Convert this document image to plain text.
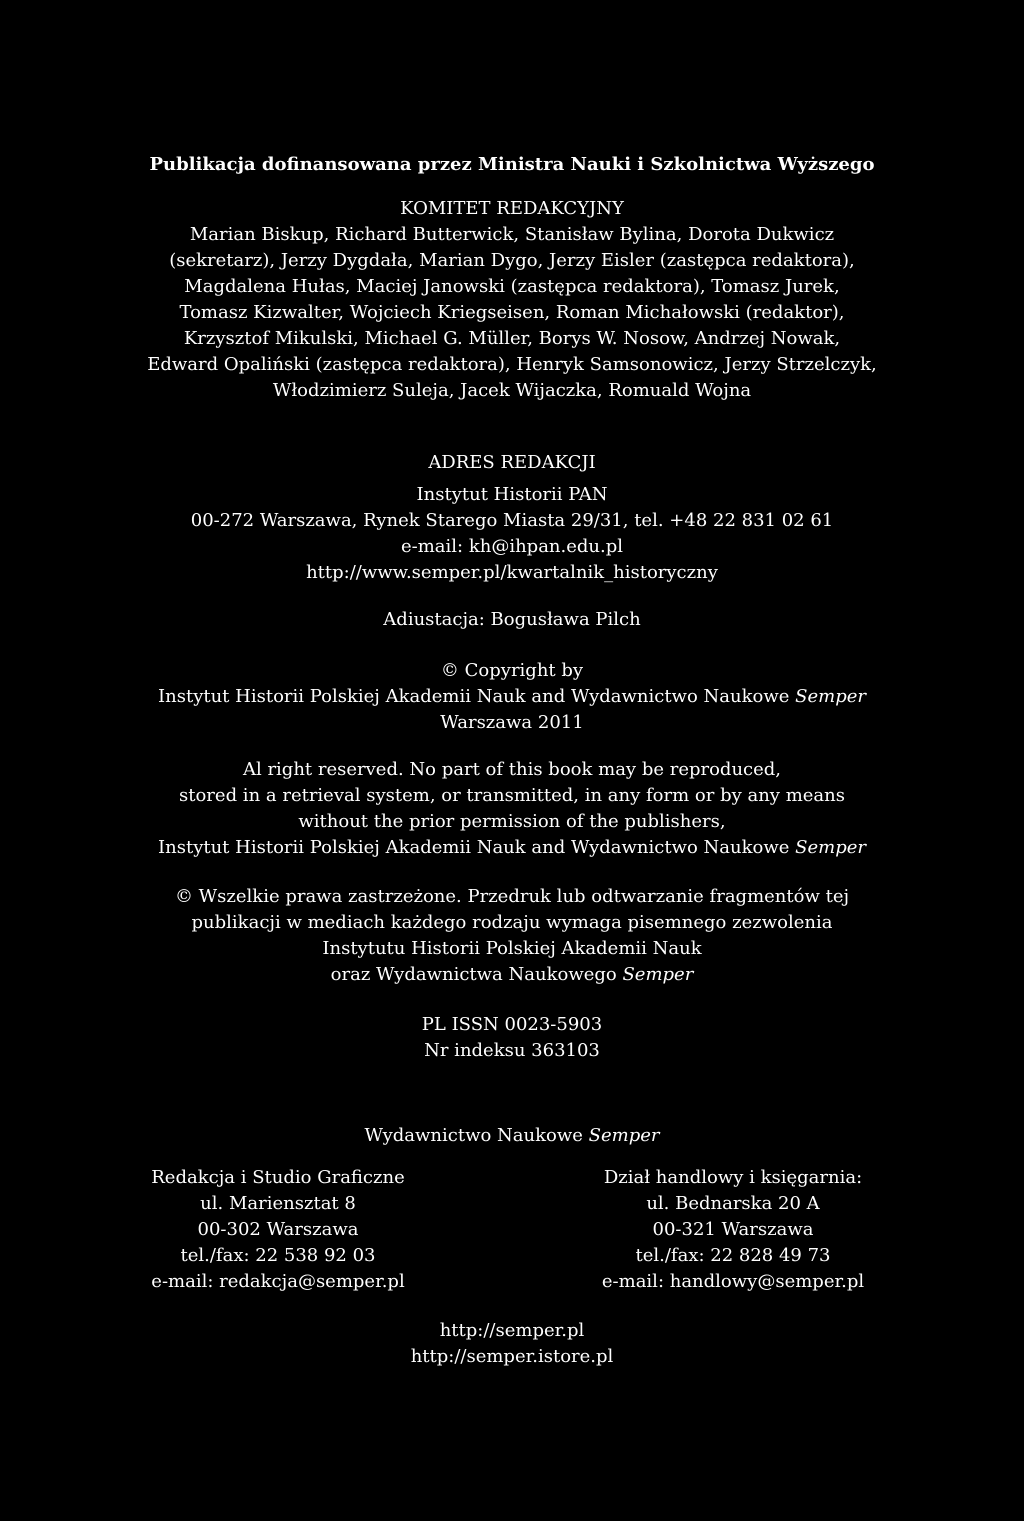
Publikacja dofinansowana przez Ministra Nauki i Szkolnictwa Wyższego
KOMITET REDAKCYJNY
Marian Biskup, Richard Butterwick, Stanisław Bylina, Dorota Dukwicz
(sekretarz), Jerzy Dygdała, Marian Dygo, Jerzy Eisler (zastępca redaktora),
Magdalena Hułas, Maciej Janowski (zastępca redaktora), Tomasz Jurek,
Tomasz Kizwalter, Wojciech Kriegseisen, Roman Michałowski (redaktor),
Krzysztof Mikulski, Michael G. Müller, Borys W. Nosow, Andrzej Nowak,
Edward Opaliński (zastępca redaktora), Henryk Samsonowicz, Jerzy Strzelczyk,
Włodzimierz Suleja, Jacek Wijaczka, Romuald Wojna
ADRES REDAKCJI
Instytut Historii PAN
00-272 Warszawa, Rynek Starego Miasta 29/31, tel. +48 22 831 02 61
e-mail: kh@ihpan.edu.pl
http://www.semper.pl/kwartalnik_historyczny
Adiustacja: Bogusława Pilch
© Copyright by
Instytut Historii Polskiej Akademii Nauk and Wydawnictwo Naukowe Semper
Warszawa 2011
Al right reserved. No part of this book may be reproduced,
stored in a retrieval system, or transmitted, in any form or by any means
without the prior permission of the publishers,
Instytut Historii Polskiej Akademii Nauk and Wydawnictwo Naukowe Semper
© Wszelkie prawa zastrzeżone. Przedruk lub odtwarzanie fragmentów tej
publikacji w mediach każdego rodzaju wymaga pisemnego zezwolenia
Instytutu Historii Polskiej Akademii Nauk
oraz Wydawnictwa Naukowego Semper
PL ISSN 0023-5903
Nr indeksu 363103
Wydawnictwo Naukowe Semper
Redakcja i Studio Graficzne
ul. Mariensztat 8
00-302 Warszawa
tel./fax: 22 538 92 03
e-mail: redakcja@semper.pl
Dział handlowy i księgarnia:
ul. Bednarska 20 A
00-321 Warszawa
tel./fax: 22 828 49 73
e-mail: handlowy@semper.pl
http://semper.pl
http://semper.istore.pl
